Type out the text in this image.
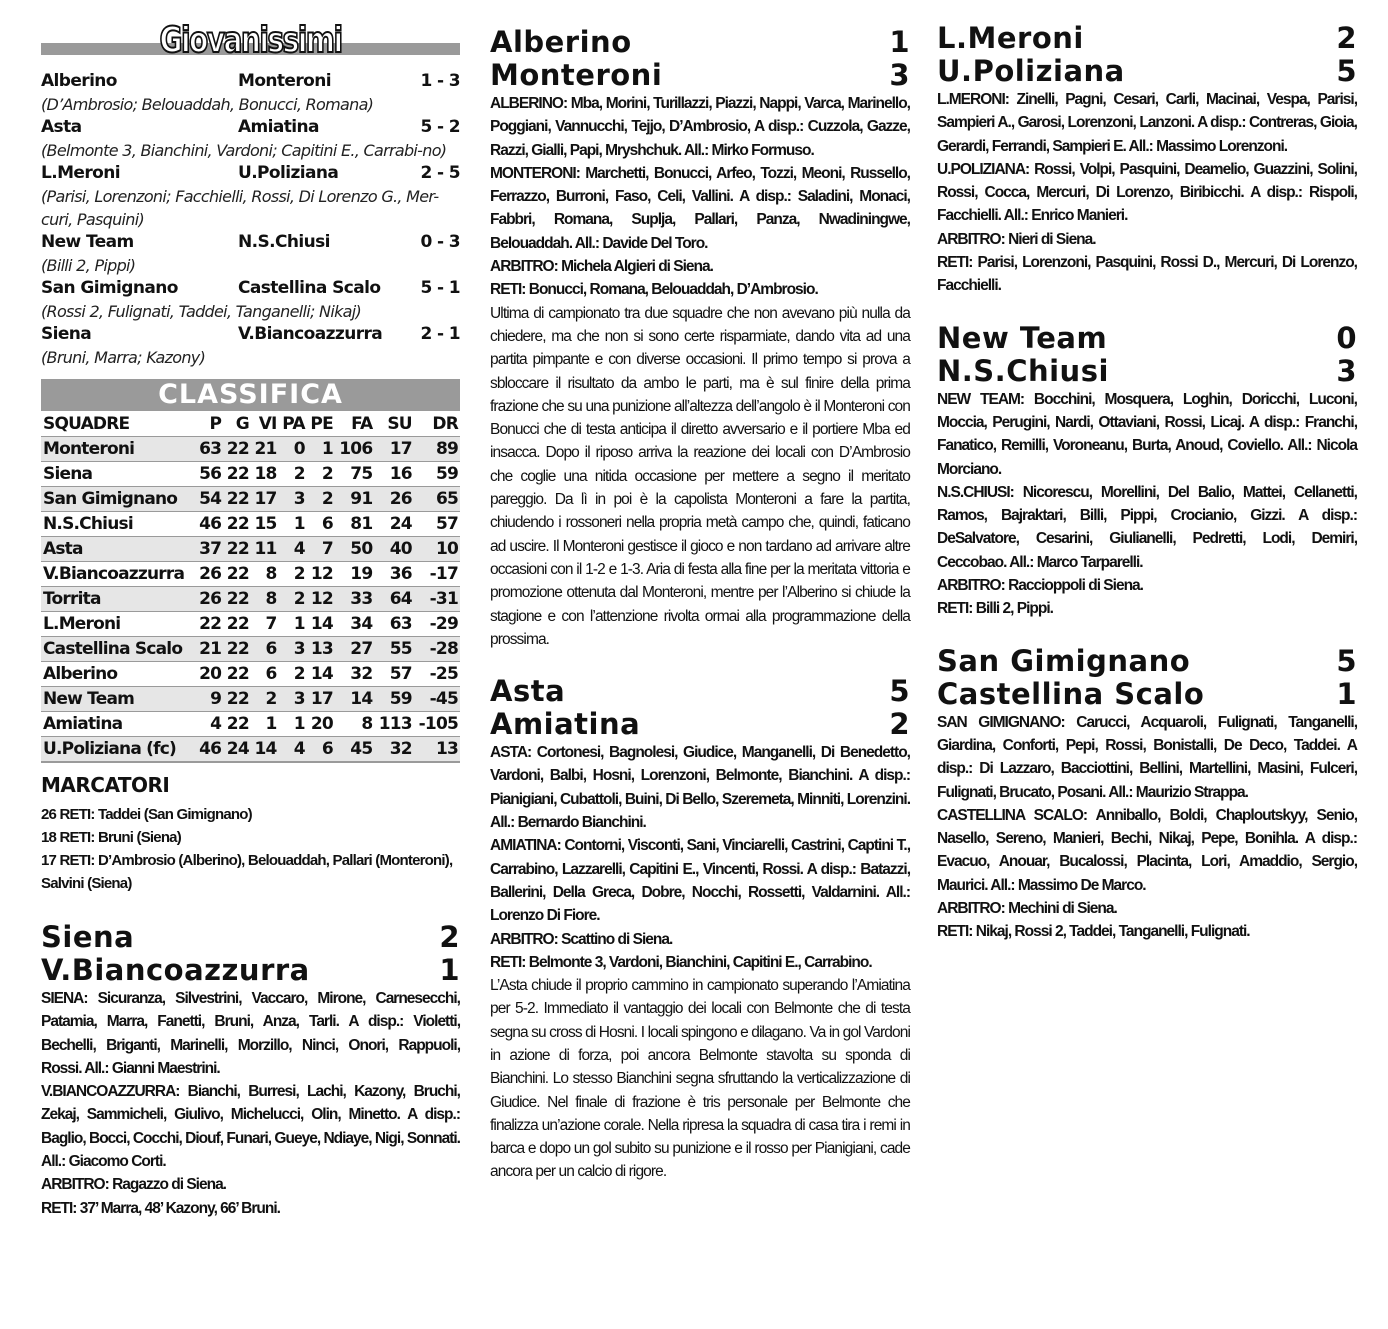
Giovanissimi
Alberino	Monteroni	1 - 3
(D’Ambrosio; Belouaddah, Bonucci, Romana)
Asta	Amiatina	5 - 2
(Belmonte 3, Bianchini, Vardoni; Capitini E., Carrabi-no)
L.Meroni	U.Poliziana	2 - 5
(Parisi, Lorenzoni; Facchielli, Rossi, Di Lorenzo G., Mer-curi, Pasquini)
New Team	N.S.Chiusi	0 - 3
(Billi 2, Pippi)
San Gimignano	Castellina Scalo	5 - 1
(Rossi 2, Fulignati, Taddei, Tanganelli; Nikaj)
Siena	V.Biancoazzurra	2 - 1
(Bruni, Marra; Kazony)
CLASSIFICA
SQUADRE	P	G	VI	PA	PE	FA	SU	DR
Monteroni	63	22	21	0	1	106	17	89
Siena	56	22	18	2	2	75	16	59
San Gimignano	54	22	17	3	2	91	26	65
N.S.Chiusi	46	22	15	1	6	81	24	57
Asta	37	22	11	4	7	50	40	10
V.Biancoazzurra	26	22	8	2	12	19	36	-17
Torrita	26	22	8	2	12	33	64	-31
L.Meroni	22	22	7	1	14	34	63	-29
Castellina Scalo	21	22	6	3	13	27	55	-28
Alberino	20	22	6	2	14	32	57	-25
New Team	9	22	2	3	17	14	59	-45
Amiatina	4	22	1	1	20	8	113	-105
U.Poliziana (fc)	46	24	14	4	6	45	32	13
MARCATORI
26 RETI: Taddei (San Gimignano)
18 RETI: Bruni (Siena)
17 RETI: D’Ambrosio (Alberino), Belouaddah, Pallari (Monteroni), Salvini (Siena)
Siena	2
V.Biancoazzurra	1
SIENA: Sicuranza, Silvestrini, Vaccaro, Mirone, Carnesecchi, Patamia, Marra, Fanetti, Bruni, Anza, Tarli. A disp.: Violetti, Bechelli, Briganti, Marinelli, Morzillo, Ninci, Onori, Rappuoli, Rossi. All.: Gianni Maestrini.
V.BIANCOAZZURRA: Bianchi, Burresi, Lachi, Kazony, Bruchi, Zekaj, Sammicheli, Giulivo, Michelucci, Olin, Minetto. A disp.: Baglio, Bocci, Cocchi, Diouf, Funari, Gueye, Ndiaye, Nigi, Sonnati. All.: Giacomo Corti.
ARBITRO: Ragazzo di Siena.
RETI: 37’ Marra, 48’ Kazony, 66’ Bruni.
Alberino	1
Monteroni	3
ALBERINO: Mba, Morini, Turillazzi, Piazzi, Nappi, Varca, Marinello, Poggiani, Vannucchi, Tejjo, D’Ambrosio, A disp.: Cuzzola, Gazze, Razzi, Gialli, Papi, Mryshchuk. All.: Mirko Formuso.
MONTERONI: Marchetti, Bonucci, Arfeo, Tozzi, Meoni, Russello, Ferrazzo, Burroni, Faso, Celi, Vallini. A disp.: Saladini, Monaci, Fabbri, Romana, Suplja, Pallari, Panza, Nwadiningwe, Belouaddah. All.: Davide Del Toro.
ARBITRO: Michela Algieri di Siena.
RETI: Bonucci, Romana, Belouaddah, D’Ambrosio.
Ultima di campionato tra due squadre che non avevano più nulla da chiedere, ma che non si sono certe risparmiate, dando vita ad una partita pimpante e con diverse occasioni. Il primo tempo si prova a sbloccare il risultato da ambo le parti, ma è sul finire della prima frazione che su una punizione all’altezza dell’angolo è il Monteroni con Bonucci che di testa anticipa il diretto avversario e il portiere Mba ed insacca. Dopo il riposo arriva la reazione dei locali con D’Ambrosio che coglie una nitida occasione per mettere a segno il meritato pareggio. Da lì in poi è la capolista Monteroni a fare la partita, chiudendo i rossoneri nella propria metà campo che, quindi, faticano ad uscire. Il Monteroni gestisce il gioco e non tardano ad arrivare altre occasioni con il 1-2 e 1-3. Aria di festa alla fine per la meritata vittoria e promozione ottenuta dal Monteroni, mentre per l’Alberino si chiude la stagione e con l’attenzione rivolta ormai alla programmazione della prossima.
Asta	5
Amiatina	2
ASTA: Cortonesi, Bagnolesi, Giudice, Manganelli, Di Benedetto, Vardoni, Balbi, Hosni, Lorenzoni, Belmonte, Bianchini. A disp.: Pianigiani, Cubattoli, Buini, Di Bello, Szeremeta, Minniti, Lorenzini. All.: Bernardo Bianchini.
AMIATINA: Contorni, Visconti, Sani, Vinciarelli, Castrini, Captini T., Carrabino, Lazzarelli, Capitini E., Vincenti, Rossi. A disp.: Batazzi, Ballerini, Della Greca, Dobre, Nocchi, Rossetti, Valdarnini. All.: Lorenzo Di Fiore.
ARBITRO: Scattino di Siena.
RETI: Belmonte 3, Vardoni, Bianchini, Capitini E., Carrabino.
L’Asta chiude il proprio cammino in campionato superando l’Amiatina per 5-2. Immediato il vantaggio dei locali con Belmonte che di testa segna su cross di Hosni. I locali spingono e dilagano. Va in gol Vardoni in azione di forza, poi ancora Belmonte stavolta su sponda di Bianchini. Lo stesso Bianchini segna sfruttando la verticalizzazione di Giudice. Nel finale di frazione è tris personale per Belmonte che finalizza un’azione corale. Nella ripresa la squadra di casa tira i remi in barca e dopo un gol subito su punizione e il rosso per Pianigiani, cade ancora per un calcio di rigore.
L.Meroni	2
U.Poliziana	5
L.MERONI: Zinelli, Pagni, Cesari, Carli, Macinai, Vespa, Parisi, Sampieri A., Garosi, Lorenzoni, Lanzoni. A disp.: Contreras, Gioia, Gerardi, Ferrandi, Sampieri E. All.: Massimo Lorenzoni.
U.POLIZIANA: Rossi, Volpi, Pasquini, Deamelio, Guazzini, Solini, Rossi, Cocca, Mercuri, Di Lorenzo, Biribicchi. A disp.: Rispoli, Facchielli. All.: Enrico Manieri.
ARBITRO: Nieri di Siena.
RETI: Parisi, Lorenzoni, Pasquini, Rossi D., Mercuri, Di Lorenzo, Facchielli.
New Team	0
N.S.Chiusi	3
NEW TEAM: Bocchini, Mosquera, Loghin, Doricchi, Luconi, Moccia, Perugini, Nardi, Ottaviani, Rossi, Licaj. A disp.: Franchi, Fanatico, Remilli, Voroneanu, Burta, Anoud, Coviello. All.: Nicola Morciano.
N.S.CHIUSI: Nicorescu, Morellini, Del Balio, Mattei, Cellanetti, Ramos, Bajraktari, Billi, Pippi, Crocianio, Gizzi. A disp.: DeSalvatore, Cesarini, Giulianelli, Pedretti, Lodi, Demiri, Ceccobao. All.: Marco Tarparelli.
ARBITRO: Raccioppoli di Siena.
RETI: Billi 2, Pippi.
San Gimignano	5
Castellina Scalo	1
SAN GIMIGNANO: Carucci, Acquaroli, Fulignati, Tanganelli, Giardina, Conforti, Pepi, Rossi, Bonistalli, De Deco, Taddei. A disp.: Di Lazzaro, Bacciottini, Bellini, Martellini, Masini, Fulceri, Fulignati, Brucato, Posani. All.: Maurizio Strappa.
CASTELLINA SCALO: Anniballo, Boldi, Chaploutskyy, Senio, Nasello, Sereno, Manieri, Bechi, Nikaj, Pepe, Bonihla. A disp.: Evacuo, Anouar, Bucalossi, Placinta, Lori, Amaddio, Sergio, Maurici. All.: Massimo De Marco.
ARBITRO: Mechini di Siena.
RETI: Nikaj, Rossi 2, Taddei, Tanganelli, Fulignati.
